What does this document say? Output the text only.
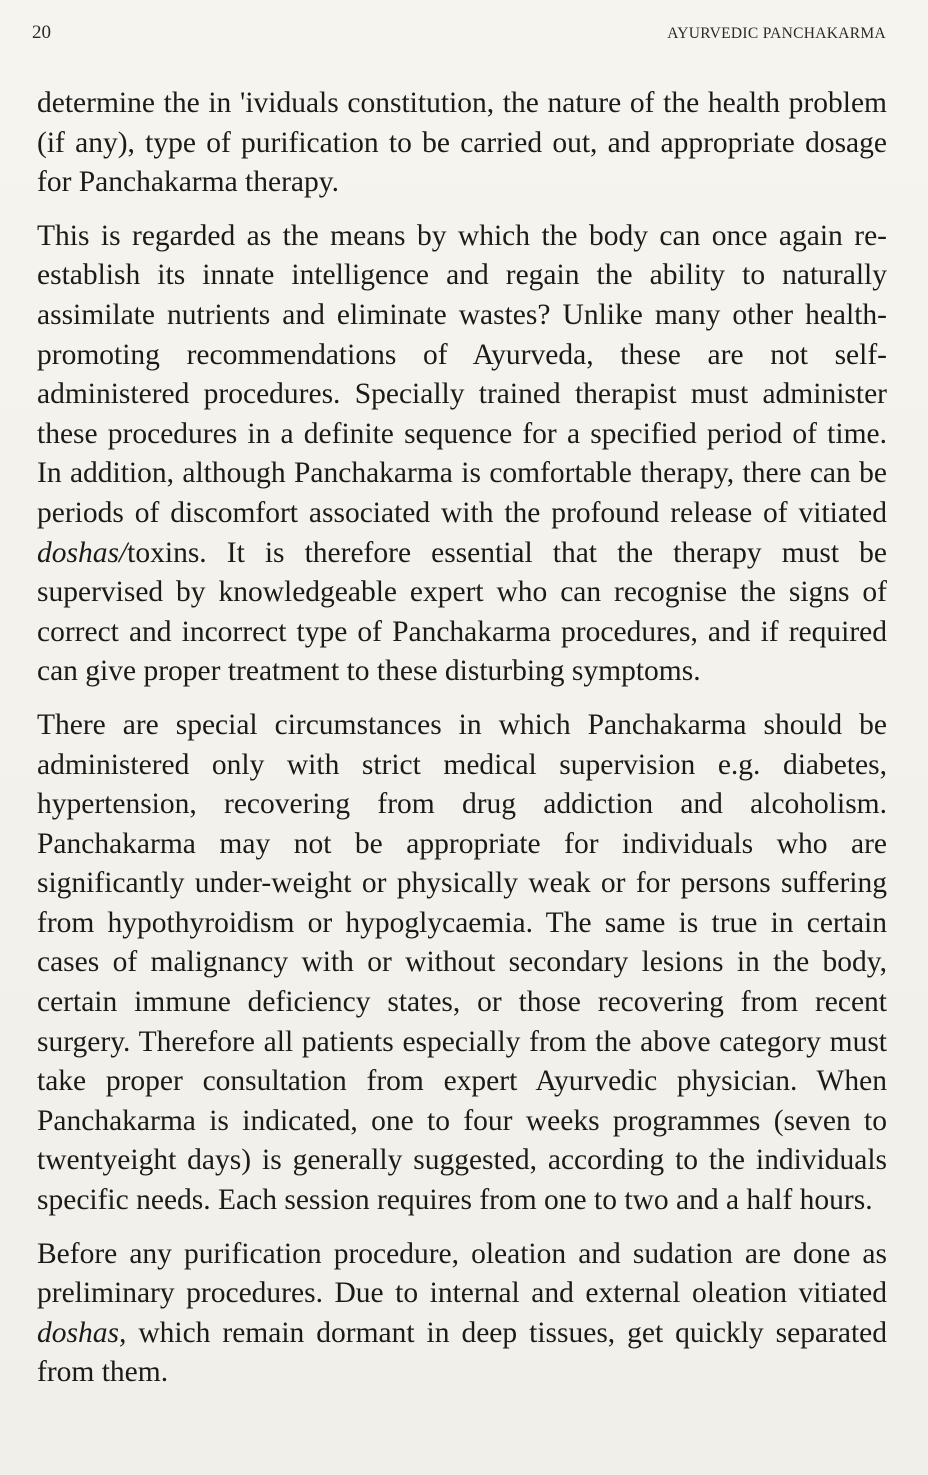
20	AYURVEDIC PANCHAKARMA

determine the in 'ividuals constitution, the nature of the health problem (if any), type of purification to be carried out, and appropriate dosage for Panchakarma therapy.

This is regarded as the means by which the body can once again re-establish its innate intelligence and regain the ability to naturally assimilate nutrients and eliminate wastes? Unlike many other health-promoting recommendations of Ayurveda, these are not self-administered procedures. Specially trained therapist must administer these procedures in a definite sequence for a specified period of time. In addition, although Panchakarma is comfortable therapy, there can be periods of discomfort associated with the profound release of vitiated doshas/toxins. It is therefore essential that the therapy must be supervised by knowledgeable expert who can recognise the signs of correct and incorrect type of Panchakarma procedures, and if required can give proper treatment to these disturbing symptoms.

There are special circumstances in which Panchakarma should be administered only with strict medical supervision e.g. diabetes, hypertension, recovering from drug addiction and alcoholism. Panchakarma may not be appropriate for individuals who are significantly under-weight or physically weak or for persons suffering from hypothyroidism or hypoglycaemia. The same is true in certain cases of malignancy with or without secondary lesions in the body, certain immune deficiency states, or those recovering from recent surgery. Therefore all patients especially from the above category must take proper consultation from expert Ayurvedic physician. When Panchakarma is indicated, one to four weeks programmes (seven to twentyeight days) is generally suggested, according to the individuals specific needs. Each session requires from one to two and a half hours.

Before any purification procedure, oleation and sudation are done as preliminary procedures. Due to internal and external oleation vitiated doshas, which remain dormant in deep tissues, get quickly separated from them.
